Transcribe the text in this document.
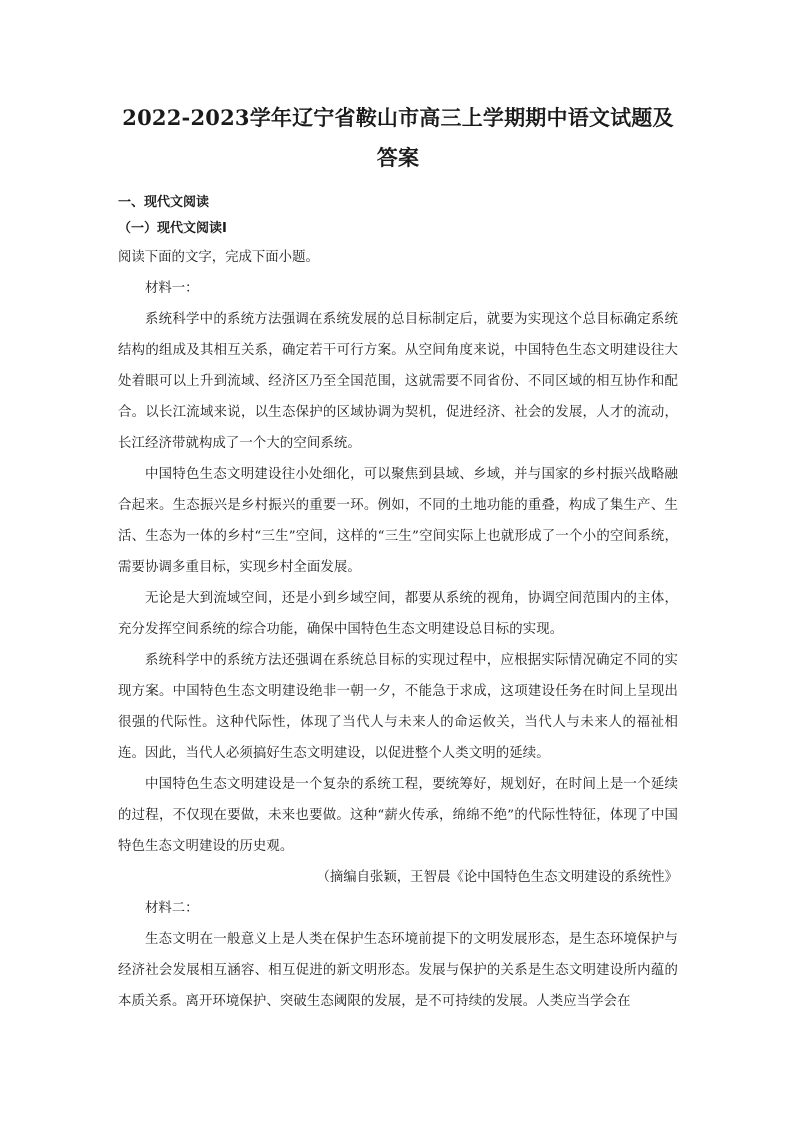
2022-2023学年辽宁省鞍山市高三上学期期中语文试题及答案
一、现代文阅读
（一）现代文阅读Ⅰ
阅读下面的文字，完成下面小题。
材料一：

系统科学中的系统方法强调在系统发展的总目标制定后，就要为实现这个总目标确定系统结构的组成及其相互关系，确定若干可行方案。从空间角度来说，中国特色生态文明建设往大处着眼可以上升到流域、经济区乃至全国范围，这就需要不同省份、不同区域的相互协作和配合。以长江流域来说，以生态保护的区域协调为契机，促进经济、社会的发展，人才的流动，长江经济带就构成了一个大的空间系统。

中国特色生态文明建设往小处细化，可以聚焦到县域、乡域，并与国家的乡村振兴战略融合起来。生态振兴是乡村振兴的重要一环。例如，不同的土地功能的重叠，构成了集生产、生活、生态为一体的乡村“三生”空间，这样的“三生”空间实际上也就形成了一个小的空间系统，需要协调多重目标，实现乡村全面发展。

无论是大到流域空间，还是小到乡域空间，都要从系统的视角，协调空间范围内的主体，充分发挥空间系统的综合功能，确保中国特色生态文明建设总目标的实现。

系统科学中的系统方法还强调在系统总目标的实现过程中，应根据实际情况确定不同的实现方案。中国特色生态文明建设绝非一朝一夕，不能急于求成，这项建设任务在时间上呈现出很强的代际性。这种代际性，体现了当代人与未来人的命运攸关，当代人与未来人的福祉相连。因此，当代人必须搞好生态文明建设，以促进整个人类文明的延续。

中国特色生态文明建设是一个复杂的系统工程，要统筹好，规划好，在时间上是一个延续的过程，不仅现在要做，未来也要做。这种“薪火传承，绵绵不绝”的代际性特征，体现了中国特色生态文明建设的历史观。

（摘编自张颖，王智晨《论中国特色生态文明建设的系统性》

材料二：

生态文明在一般意义上是人类在保护生态环境前提下的文明发展形态，是生态环境保护与经济社会发展相互涵容、相互促进的新文明形态。发展与保护的关系是生态文明建设所内蕴的本质关系。离开环境保护、突破生态阈限的发展，是不可持续的发展。人类应当学会在
